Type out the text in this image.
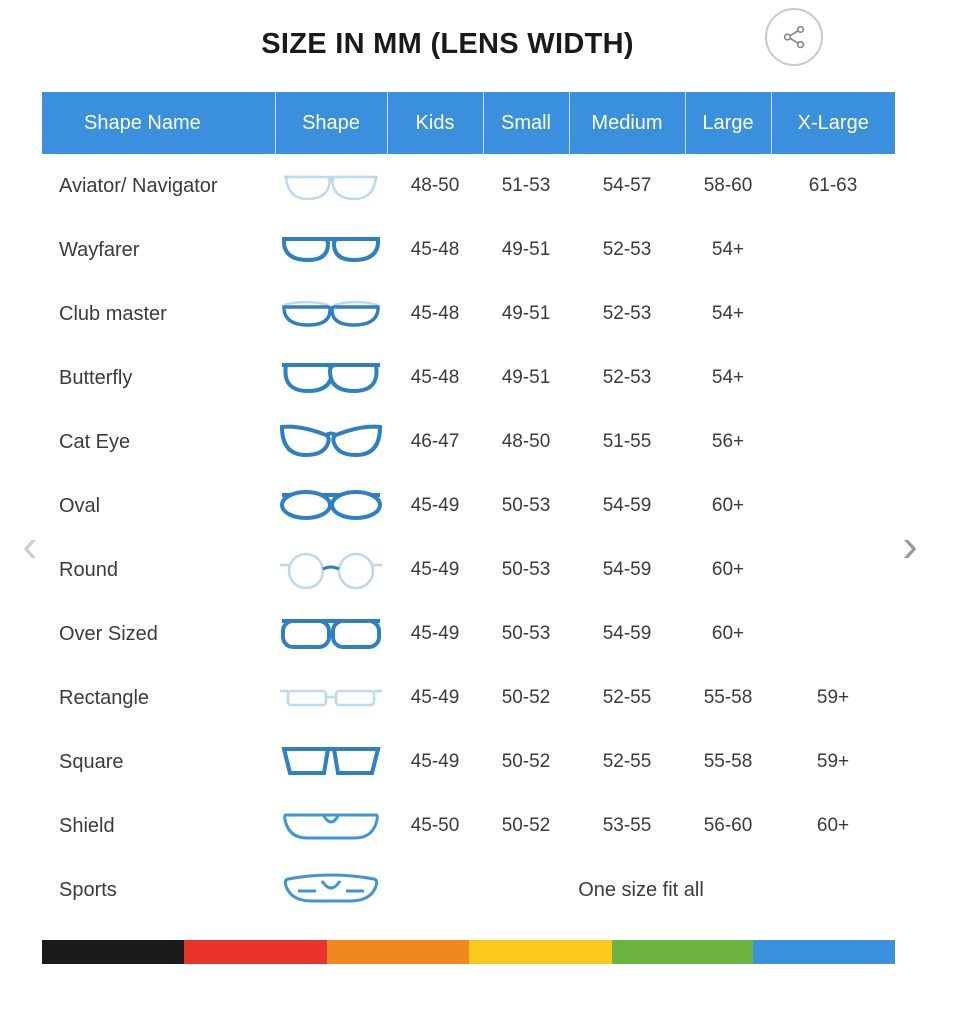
SIZE IN MM (LENS WIDTH)
Shape Name	Shape	Kids	Small	Medium	Large	X-Large
Aviator/ Navigator		48-50	51-53	54-57	58-60	61-63
Wayfarer		45-48	49-51	52-53	54+	
Club master		45-48	49-51	52-53	54+	
Butterfly		45-48	49-51	52-53	54+	
Cat Eye		46-47	48-50	51-55	56+	
Oval		45-49	50-53	54-59	60+	
Round		45-49	50-53	54-59	60+	
Over Sized		45-49	50-53	54-59	60+	
Rectangle		45-49	50-52	52-55	55-58	59+
Square		45-49	50-52	52-55	55-58	59+
Shield		45-50	50-52	53-55	56-60	60+
Sports		One size fit all				
‹	›
